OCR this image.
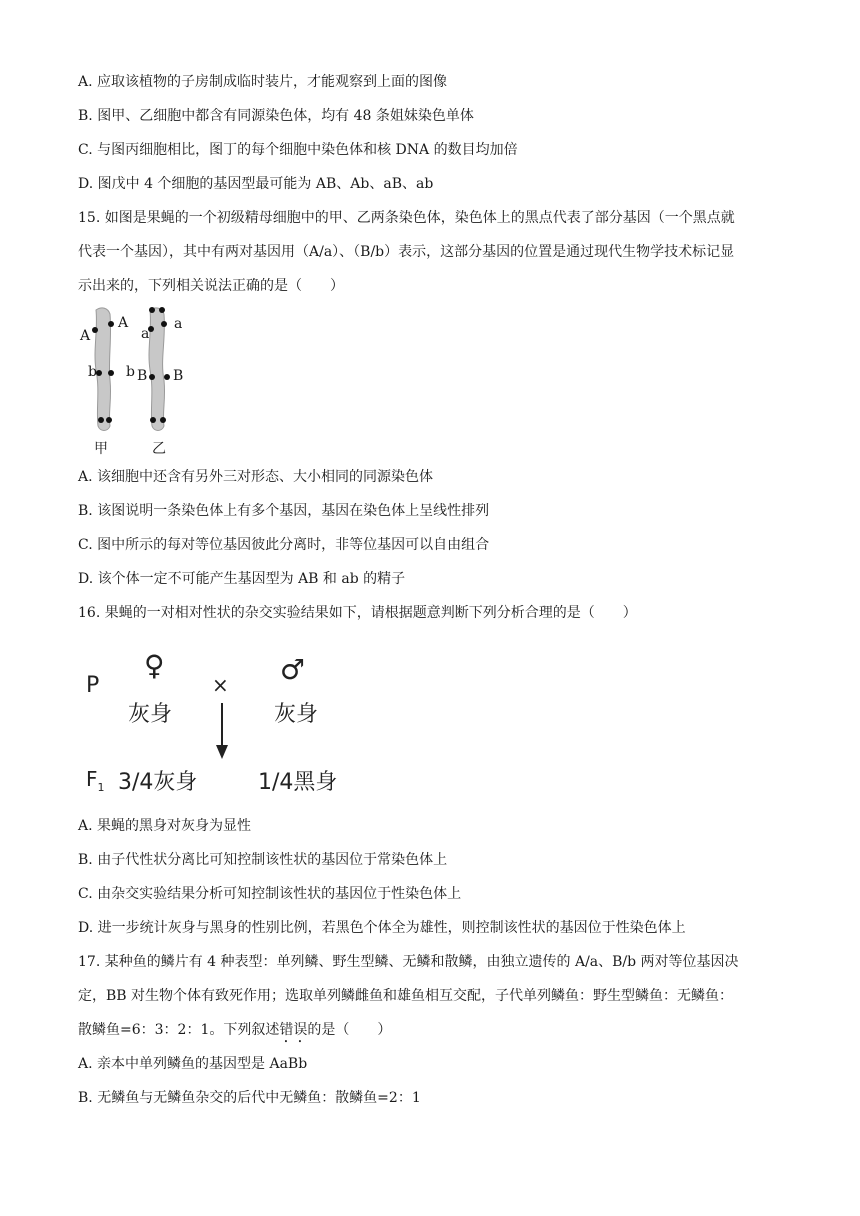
A. 应取该植物的子房制成临时装片，才能观察到上面的图像
B. 图甲、乙细胞中都含有同源染色体，均有 48 条姐妹染色单体
C. 与图丙细胞相比，图丁的每个细胞中染色体和核 DNA 的数目均加倍
D. 图戊中 4 个细胞的基因型最可能为 AB、Ab、aB、ab
15. 如图是果蝇的一个初级精母细胞中的甲、乙两条染色体，染色体上的黑点代表了部分基因（一个黑点就
代表一个基因），其中有两对基因用（A/a）、（B/b）表示，这部分基因的位置是通过现代生物学技术标记显
示出来的，下列相关说法正确的是（　　）
A
A
b b
a
a
B B
甲	乙
A. 该细胞中还含有另外三对形态、大小相同的同源染色体
B. 该图说明一条染色体上有多个基因，基因在染色体上呈线性排列
C. 图中所示的每对等位基因彼此分离时，非等位基因可以自由组合
D. 该个体一定不可能产生基因型为 AB 和 ab 的精子
16. 果蝇的一对相对性状的杂交实验结果如下，请根据题意判断下列分析合理的是（　　）
P
♀
× ♂
灰身	灰身
$F_1$ 3/4灰身	1/4黑身
A. 果蝇的黑身对灰身为显性
B. 由子代性状分离比可知控制该性状的基因位于常染色体上
C. 由杂交实验结果分析可知控制该性状的基因位于性染色体上
D. 进一步统计灰身与黑身的性别比例，若黑色个体全为雄性，则控制该性状的基因位于性染色体上
17. 某种鱼的鳞片有 4 种表型：单列鳞、野生型鳞、无鳞和散鳞，由独立遗传的 A/a、B/b 两对等位基因决
定，BB 对生物个体有致死作用；选取单列鳞雌鱼和雄鱼相互交配，子代单列鳞鱼：野生型鳞鱼：无鳞鱼：
散鳞鱼=6：3：2：1。下列叙述错误的是（　　）
A. 亲本中单列鳞鱼的基因型是 AaBb
B. 无鳞鱼与无鳞鱼杂交的后代中无鳞鱼：散鳞鱼=2：1
